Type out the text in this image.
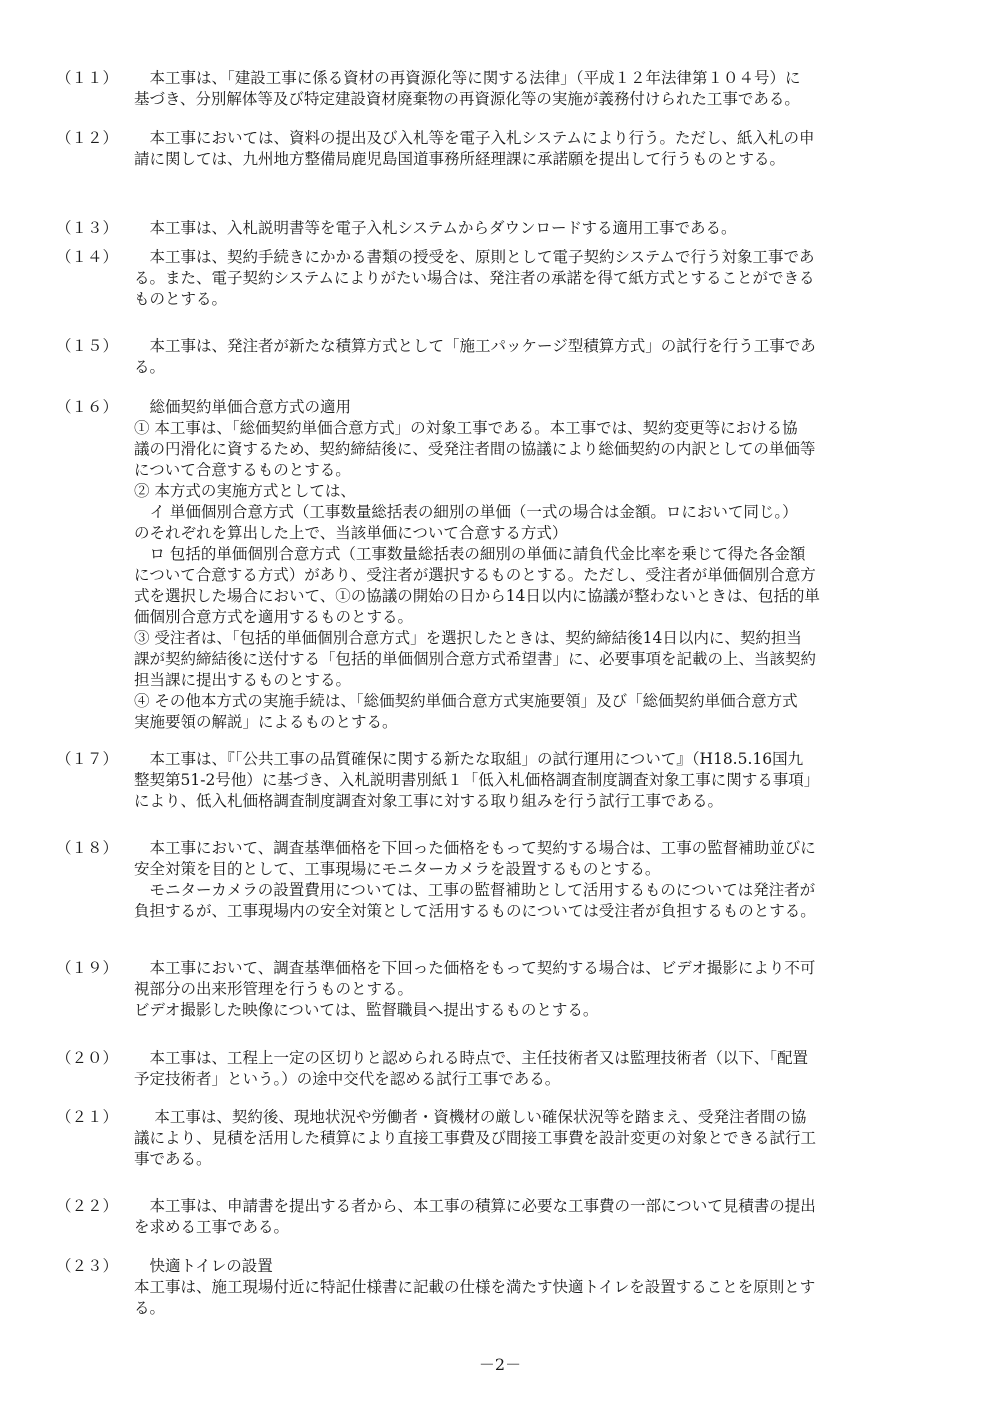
（１１）	　本工事は、「建設工事に係る資材の再資源化等に関する法律」（平成１２年法律第１０４号）に
基づき、分別解体等及び特定建設資材廃棄物の再資源化等の実施が義務付けられた工事である。
（１２）	　本工事においては、資料の提出及び入札等を電子入札システムにより行う。ただし、紙入札の申
請に関しては、九州地方整備局鹿児島国道事務所経理課に承諾願を提出して行うものとする。
（１３）	　本工事は、入札説明書等を電子入札システムからダウンロードする適用工事である。
（１４）	　本工事は、契約手続きにかかる書類の授受を、原則として電子契約システムで行う対象工事であ
る。また、電子契約システムによりがたい場合は、発注者の承諾を得て紙方式とすることができる
ものとする。
（１５）	　本工事は、発注者が新たな積算方式として「施工パッケージ型積算方式」の試行を行う工事であ
る。
（１６）	　総価契約単価合意方式の適用
① 本工事は、「総価契約単価合意方式」の対象工事である。本工事では、契約変更等における協
議の円滑化に資するため、契約締結後に、受発注者間の協議により総価契約の内訳としての単価等
について合意するものとする。
② 本方式の実施方式としては、
　イ 単価個別合意方式（工事数量総括表の細別の単価（一式の場合は金額。ロにおいて同じ。）
のそれぞれを算出した上で、当該単価について合意する方式）
　ロ 包括的単価個別合意方式（工事数量総括表の細別の単価に請負代金比率を乗じて得た各金額
について合意する方式）があり、受注者が選択するものとする。ただし、受注者が単価個別合意方
式を選択した場合において、①の協議の開始の日から14日以内に協議が整わないときは、包括的単
価個別合意方式を適用するものとする。
③ 受注者は、「包括的単価個別合意方式」を選択したときは、契約締結後14日以内に、契約担当
課が契約締結後に送付する「包括的単価個別合意方式希望書」に、必要事項を記載の上、当該契約
担当課に提出するものとする。
④ その他本方式の実施手続は、「総価契約単価合意方式実施要領」及び「総価契約単価合意方式
実施要領の解説」によるものとする。
（１７）	　本工事は、『「公共工事の品質確保に関する新たな取組」の試行運用について』（H18.5.16国九
整契第51-2号他）に基づき、入札説明書別紙１「低入札価格調査制度調査対象工事に関する事項」
により、低入札価格調査制度調査対象工事に対する取り組みを行う試行工事である。
（１８）	　本工事において、調査基準価格を下回った価格をもって契約する場合は、工事の監督補助並びに
安全対策を目的として、工事現場にモニターカメラを設置するものとする。
　モニターカメラの設置費用については、工事の監督補助として活用するものについては発注者が
負担するが、工事現場内の安全対策として活用するものについては受注者が負担するものとする。
（１９）	　本工事において、調査基準価格を下回った価格をもって契約する場合は、ビデオ撮影により不可
視部分の出来形管理を行うものとする。
ビデオ撮影した映像については、監督職員へ提出するものとする。
（２０）	　本工事は、工程上一定の区切りと認められる時点で、主任技術者又は監理技術者（以下、「配置
予定技術者」という。）の途中交代を認める試行工事である。
（２１）	　 本工事は、契約後、現地状況や労働者・資機材の厳しい確保状況等を踏まえ、受発注者間の協
議により、見積を活用した積算により直接工事費及び間接工事費を設計変更の対象とできる試行工
事である。
（２２）	　本工事は、申請書を提出する者から、本工事の積算に必要な工事費の一部について見積書の提出
を求める工事である。
（２３）	　快適トイレの設置
本工事は、施工現場付近に特記仕様書に記載の仕様を満たす快適トイレを設置することを原則とす
る。
－2－
